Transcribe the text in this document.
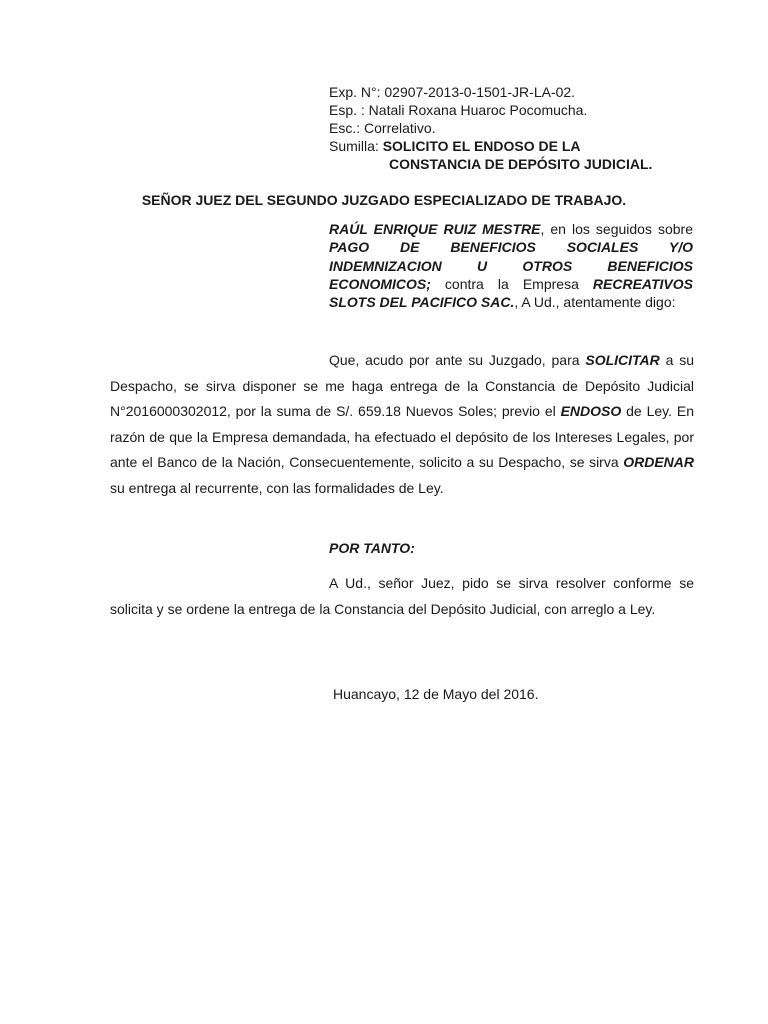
Exp. N°: 02907-2013-0-1501-JR-LA-02.
Esp. : Natali Roxana Huaroc Pocomucha.
Esc.: Correlativo.
Sumilla: SOLICITO EL ENDOSO DE LA
CONSTANCIA DE DEPÓSITO JUDICIAL.
SEÑOR JUEZ DEL SEGUNDO JUZGADO ESPECIALIZADO DE TRABAJO.
RAÚL ENRIQUE RUIZ MESTRE, en los seguidos sobre PAGO DE BENEFICIOS SOCIALES Y/O INDEMNIZACION U OTROS BENEFICIOS ECONOMICOS; contra la Empresa RECREATIVOS SLOTS DEL PACIFICO SAC., A Ud., atentamente digo:
Que, acudo por ante su Juzgado, para SOLICITAR a su Despacho, se sirva disponer se me haga entrega de la Constancia de Depósito Judicial N°2016000302012, por la suma de S/. 659.18 Nuevos Soles; previo el ENDOSO de Ley. En razón de que la Empresa demandada, ha efectuado el depósito de los Intereses Legales, por ante el Banco de la Nación, Consecuentemente, solicito a su Despacho, se sirva ORDENAR su entrega al recurrente, con las formalidades de Ley.
POR TANTO:
A Ud., señor Juez, pido se sirva resolver conforme se solicita y se ordene la entrega de la Constancia del Depósito Judicial, con arreglo a Ley.
Huancayo, 12 de Mayo del 2016.
